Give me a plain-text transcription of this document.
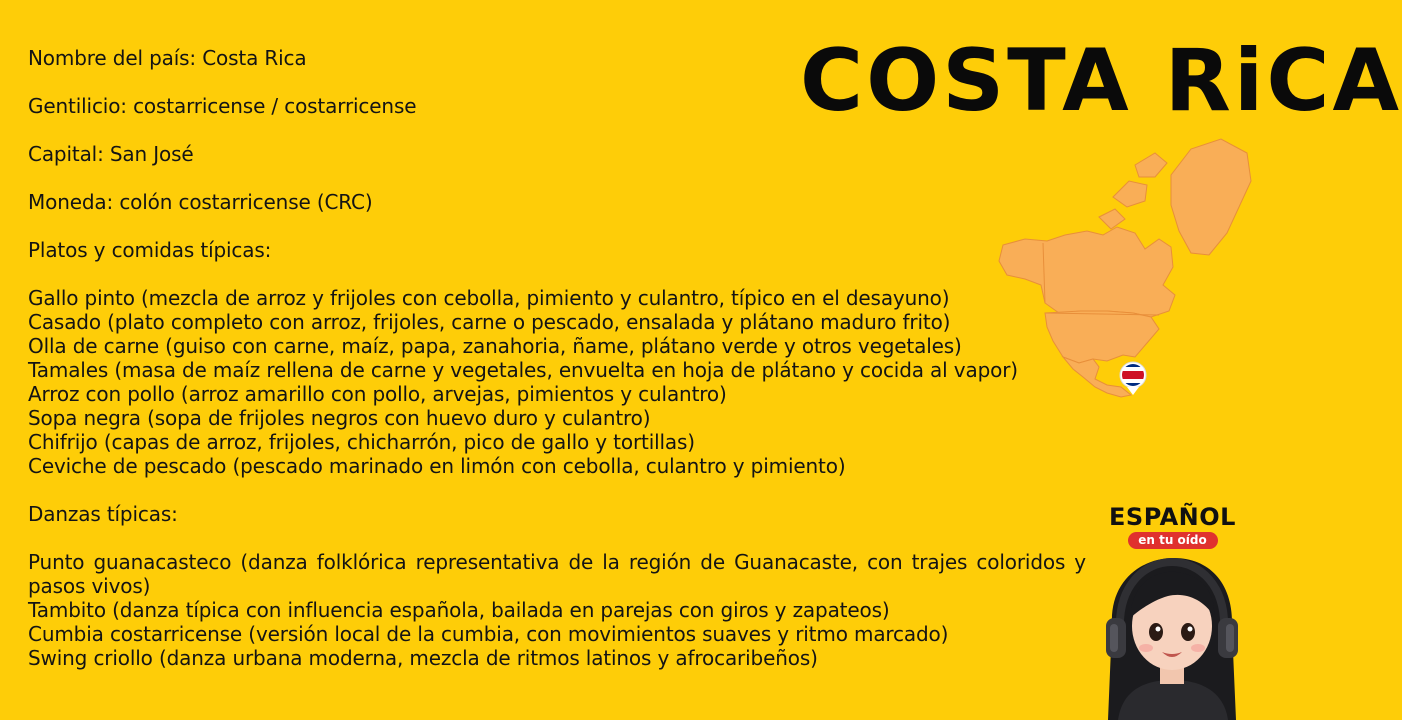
Nombre del país: Costa Rica

Gentilicio: costarricense / costarricense

Capital: San José

Moneda: colón costarricense (CRC)

Platos y comidas típicas:

Gallo pinto (mezcla de arroz y frijoles con cebolla, pimiento y culantro, típico en el desayuno)
Casado (plato completo con arroz, frijoles, carne o pescado, ensalada y plátano maduro frito)
Olla de carne (guiso con carne, maíz, papa, zanahoria, ñame, plátano verde y otros vegetales)
Tamales (masa de maíz rellena de carne y vegetales, envuelta en hoja de plátano y cocida al vapor)
Arroz con pollo (arroz amarillo con pollo, arvejas, pimientos y culantro)
Sopa negra (sopa de frijoles negros con huevo duro y culantro)
Chifrijo (capas de arroz, frijoles, chicharrón, pico de gallo y tortillas)
Ceviche de pescado (pescado marinado en limón con cebolla, culantro y pimiento)

Danzas típicas:

Punto guanacasteco (danza folklórica representativa de la región de Guanacaste, con trajes coloridos y pasos vivos)
Tambito (danza típica con influencia española, bailada en parejas con giros y zapateos)
Cumbia costarricense (versión local de la cumbia, con movimientos suaves y ritmo marcado)
Swing criollo (danza urbana moderna, mezcla de ritmos latinos y afrocaribeños)
COSTA RiCA
ESPAÑOL
en tu oído
